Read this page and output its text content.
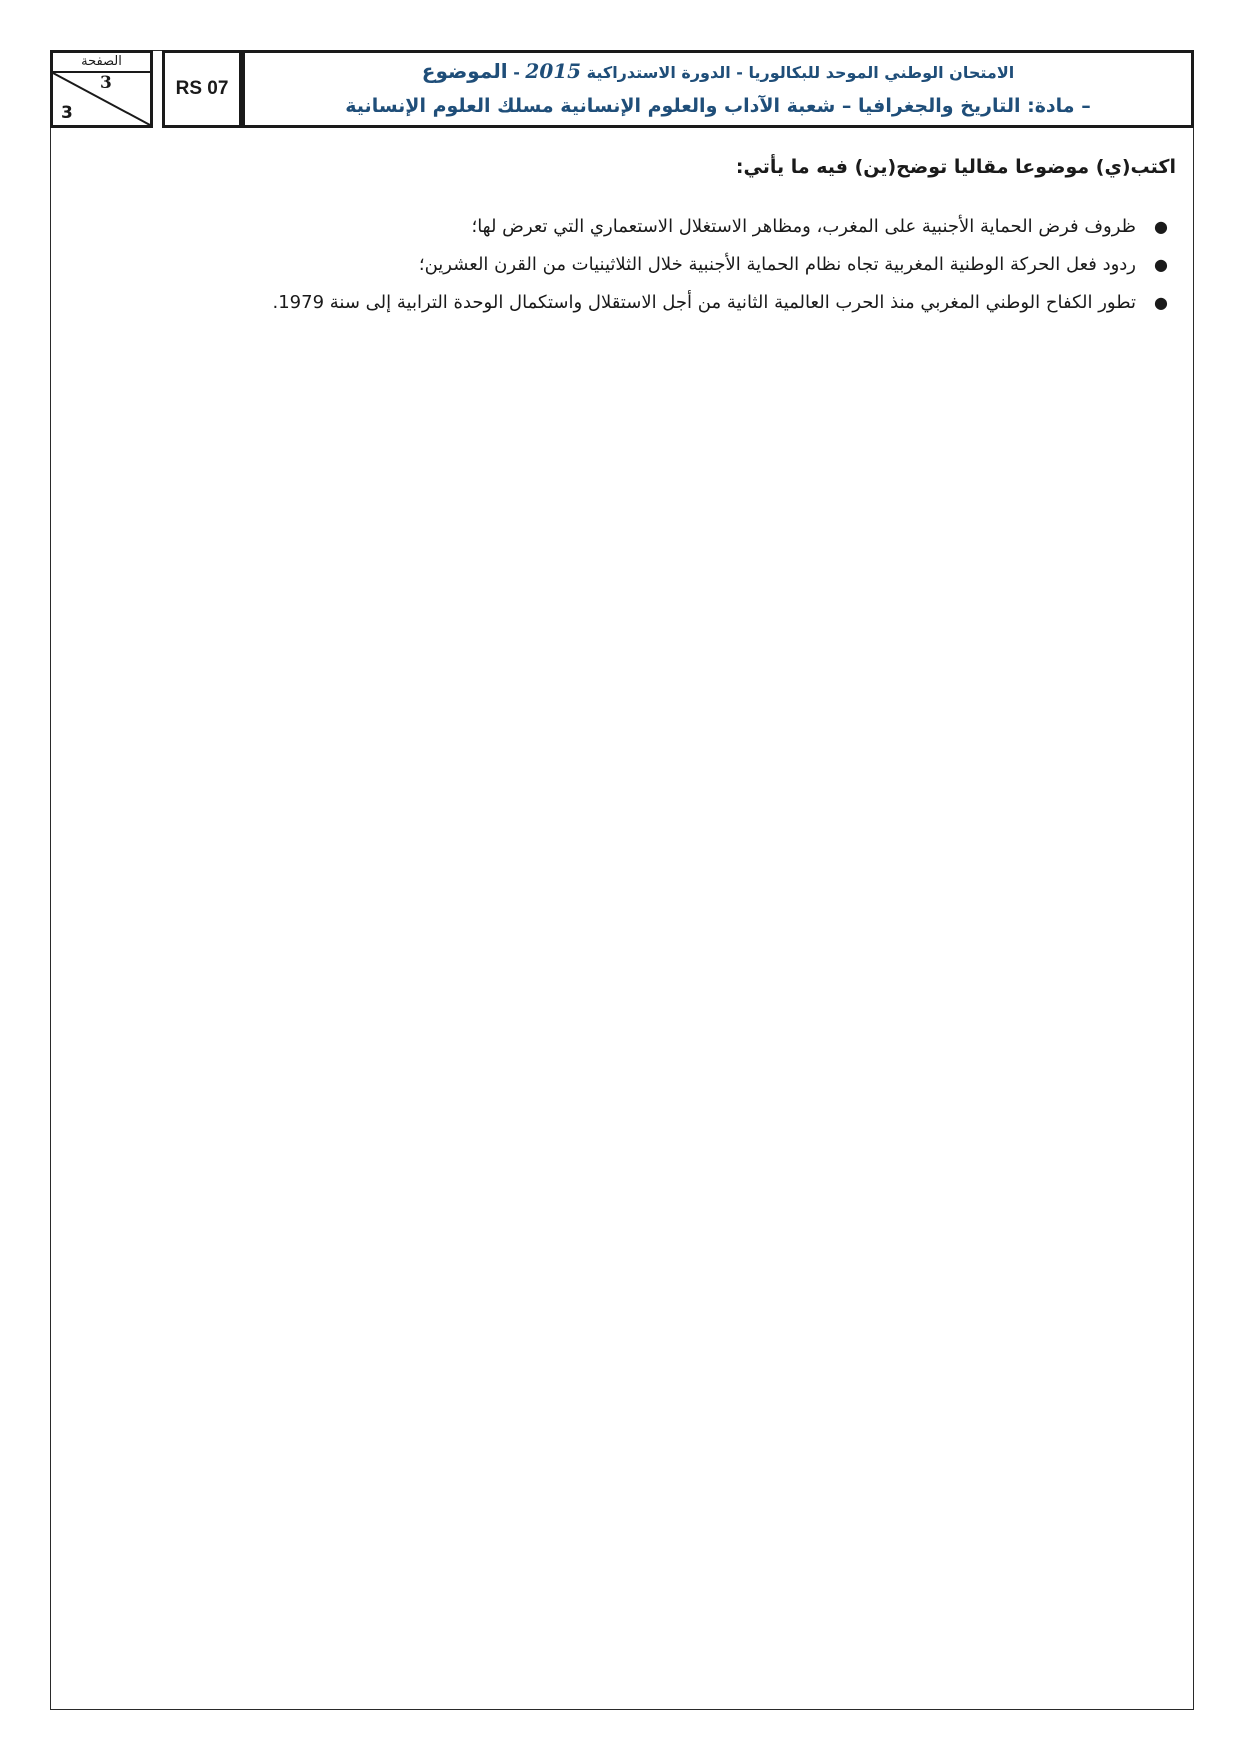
الصفحة
3
3
RS 07
الامتحان الوطني الموحد للبكالوريا - الدورة الاستدراكية 2015 - الموضوع
– مادة: التاريخ والجغرافيا – شعبة الآداب والعلوم الإنسانية مسلك العلوم الإنسانية
اكتب(ي) موضوعا مقاليا توضح(ين) فيه ما يأتي:
●
ظروف فرض الحماية الأجنبية على المغرب، ومظاهر الاستغلال الاستعماري التي تعرض لها؛
●
ردود فعل الحركة الوطنية المغربية تجاه نظام الحماية الأجنبية خلال الثلاثينيات من القرن العشرين؛
●
تطور الكفاح الوطني المغربي منذ الحرب العالمية الثانية من أجل الاستقلال واستكمال الوحدة الترابية إلى سنة 1979.
